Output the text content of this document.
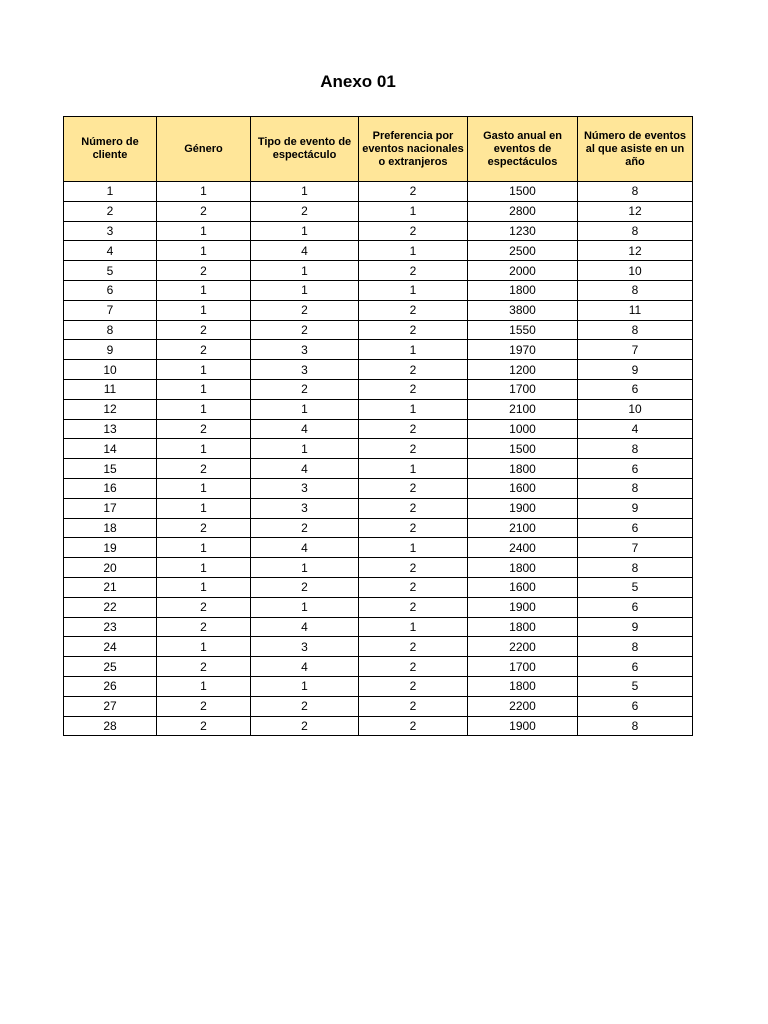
Anexo 01
Número de cliente	Género	Tipo de evento de espectáculo	Preferencia por eventos nacionales o extranjeros	Gasto anual en eventos de espectáculos	Número de eventos al que asiste en un año
1	1	1	2	1500	8
2	2	2	1	2800	12
3	1	1	2	1230	8
4	1	4	1	2500	12
5	2	1	2	2000	10
6	1	1	1	1800	8
7	1	2	2	3800	11
8	2	2	2	1550	8
9	2	3	1	1970	7
10	1	3	2	1200	9
11	1	2	2	1700	6
12	1	1	1	2100	10
13	2	4	2	1000	4
14	1	1	2	1500	8
15	2	4	1	1800	6
16	1	3	2	1600	8
17	1	3	2	1900	9
18	2	2	2	2100	6
19	1	4	1	2400	7
20	1	1	2	1800	8
21	1	2	2	1600	5
22	2	1	2	1900	6
23	2	4	1	1800	9
24	1	3	2	2200	8
25	2	4	2	1700	6
26	1	1	2	1800	5
27	2	2	2	2200	6
28	2	2	2	1900	8
